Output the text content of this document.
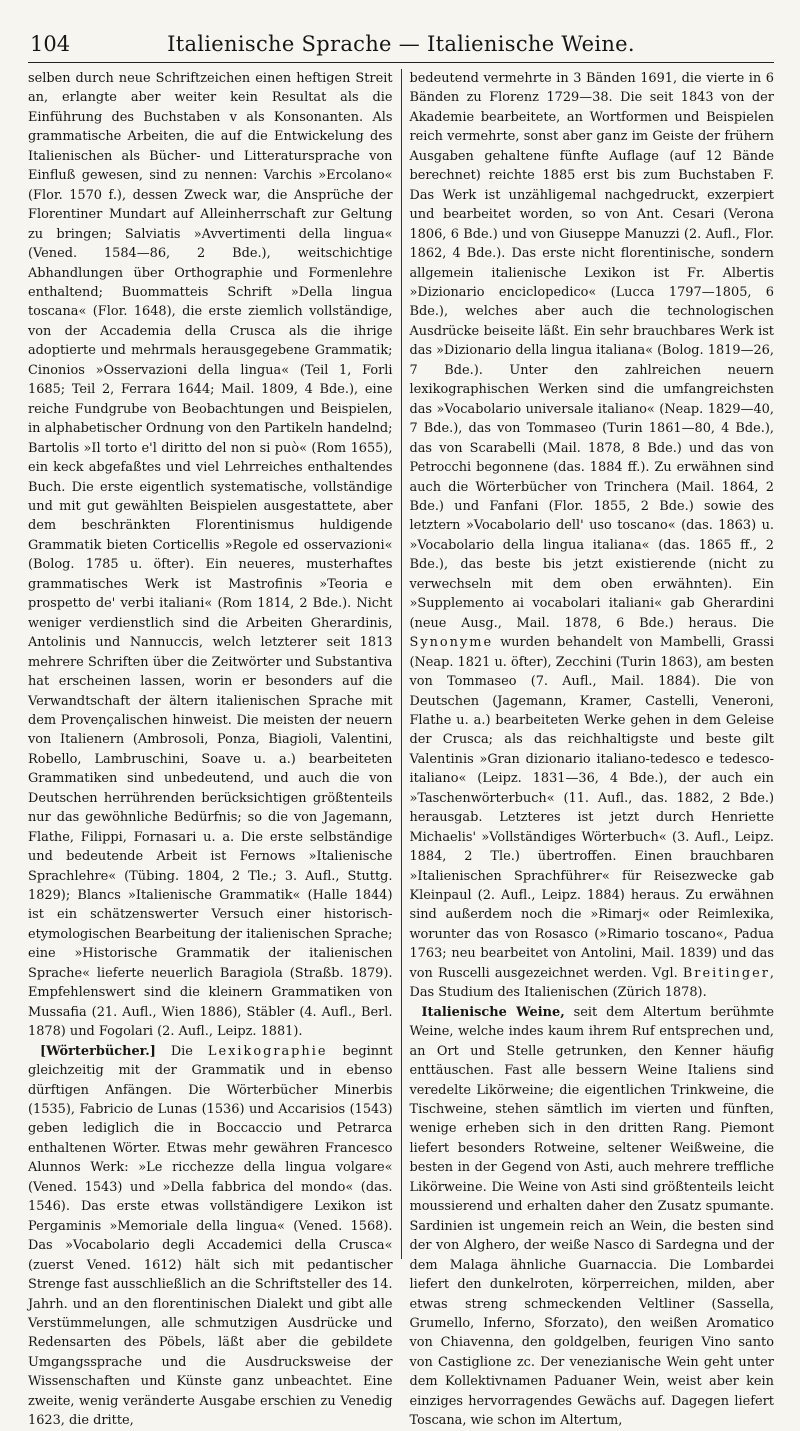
104	Italienische Sprache — Italienische Weine.

selben durch neue Schriftzeichen einen heftigen Streit an, erlangte aber weiter kein Resultat als die Einführung des Buchstaben v als Konsonanten. Als grammatische Arbeiten, die auf die Entwickelung des Italienischen als Bücher- und Litteratursprache von Einfluß gewesen, sind zu nennen: Varchis »Ercolano« (Flor. 1570 f.), dessen Zweck war, die Ansprüche der Florentiner Mundart auf Alleinherrschaft zur Geltung zu bringen; Salviatis »Avvertimenti della lingua« (Vened. 1584—86, 2 Bde.), weitschichtige Abhandlungen über Orthographie und Formenlehre enthaltend; Buommatteis Schrift »Della lingua toscana« (Flor. 1648), die erste ziemlich vollständige, von der Accademia della Crusca als die ihrige adoptierte und mehrmals herausgegebene Grammatik; Cinonios »Osservazioni della lingua« (Teil 1, Forli 1685; Teil 2, Ferrara 1644; Mail. 1809, 4 Bde.), eine reiche Fundgrube von Beobachtungen und Beispielen, in alphabetischer Ordnung von den Partikeln handelnd; Bartolis »Il torto e'l diritto del non si può« (Rom 1655), ein keck abgefaßtes und viel Lehrreiches enthaltendes Buch. Die erste eigentlich systematische, vollständige und mit gut gewählten Beispielen ausgestattete, aber dem beschränkten Florentinismus huldigende Grammatik bieten Corticellis »Regole ed osservazioni« (Bolog. 1785 u. öfter). Ein neueres, musterhaftes grammatisches Werk ist Mastrofinis »Teoria e prospetto de' verbi italiani« (Rom 1814, 2 Bde.). Nicht weniger verdienstlich sind die Arbeiten Gherardinis, Antolinis und Nannuccis, welch letzterer seit 1813 mehrere Schriften über die Zeitwörter und Substantiva hat erscheinen lassen, worin er besonders auf die Verwandtschaft der ältern italienischen Sprache mit dem Provençalischen hinweist. Die meisten der neuern von Italienern (Ambrosoli, Ponza, Biagioli, Valentini, Robello, Lambruschini, Soave u. a.) bearbeiteten Grammatiken sind unbedeutend, und auch die von Deutschen herrührenden berücksichtigen größtenteils nur das gewöhnliche Bedürfnis; so die von Jagemann, Flathe, Filippi, Fornasari u. a. Die erste selbständige und bedeutende Arbeit ist Fernows »Italienische Sprachlehre« (Tübing. 1804, 2 Tle.; 3. Aufl., Stuttg. 1829); Blancs »Italienische Grammatik« (Halle 1844) ist ein schätzenswerter Versuch einer historisch-etymologischen Bearbeitung der italienischen Sprache; eine »Historische Grammatik der italienischen Sprache« lieferte neuerlich Baragiola (Straßb. 1879). Empfehlenswert sind die kleinern Grammatiken von Mussafia (21. Aufl., Wien 1886), Stäbler (4. Aufl., Berl. 1878) und Fogolari (2. Aufl., Leipz. 1881).

[Wörterbücher.] Die Lexikographie beginnt gleichzeitig mit der Grammatik und in ebenso dürftigen Anfängen. Die Wörterbücher Minerbis (1535), Fabricio de Lunas (1536) und Accarisios (1543) geben lediglich die in Boccaccio und Petrarca enthaltenen Wörter. Etwas mehr gewähren Francesco Alunnos Werk: »Le ricchezze della lingua volgare« (Vened. 1543) und »Della fabbrica del mondo« (das. 1546). Das erste etwas vollständigere Lexikon ist Pergaminis »Memoriale della lingua« (Vened. 1568). Das »Vocabolario degli Accademici della Crusca« (zuerst Vened. 1612) hält sich mit pedantischer Strenge fast ausschließlich an die Schriftsteller des 14. Jahrh. und an den florentinischen Dialekt und gibt alle Verstümmelungen, alle schmutzigen Ausdrücke und Redensarten des Pöbels, läßt aber die gebildete Umgangssprache und die Ausdrucksweise der Wissenschaften und Künste ganz unbeachtet. Eine zweite, wenig veränderte Ausgabe erschien zu Venedig 1623, die dritte,

bedeutend vermehrte in 3 Bänden 1691, die vierte in 6 Bänden zu Florenz 1729—38. Die seit 1843 von der Akademie bearbeitete, an Wortformen und Beispielen reich vermehrte, sonst aber ganz im Geiste der frühern Ausgaben gehaltene fünfte Auflage (auf 12 Bände berechnet) reichte 1885 erst bis zum Buchstaben F. Das Werk ist unzähligemal nachgedruckt, exzerpiert und bearbeitet worden, so von Ant. Cesari (Verona 1806, 6 Bde.) und von Giuseppe Manuzzi (2. Aufl., Flor. 1862, 4 Bde.). Das erste nicht florentinische, sondern allgemein italienische Lexikon ist Fr. Albertis »Dizionario enciclopedico« (Lucca 1797—1805, 6 Bde.), welches aber auch die technologischen Ausdrücke beiseite läßt. Ein sehr brauchbares Werk ist das »Dizionario della lingua italiana« (Bolog. 1819—26, 7 Bde.). Unter den zahlreichen neuern lexikographischen Werken sind die umfangreichsten das »Vocabolario universale italiano« (Neap. 1829—40, 7 Bde.), das von Tommaseo (Turin 1861—80, 4 Bde.), das von Scarabelli (Mail. 1878, 8 Bde.) und das von Petrocchi begonnene (das. 1884 ff.). Zu erwähnen sind auch die Wörterbücher von Trinchera (Mail. 1864, 2 Bde.) und Fanfani (Flor. 1855, 2 Bde.) sowie des letztern »Vocabolario dell' uso toscano« (das. 1863) u. »Vocabolario della lingua italiana« (das. 1865 ff., 2 Bde.), das beste bis jetzt existierende (nicht zu verwechseln mit dem oben erwähnten). Ein »Supplemento ai vocabolari italiani« gab Gherardini (neue Ausg., Mail. 1878, 6 Bde.) heraus. Die Synonyme wurden behandelt von Mambelli, Grassi (Neap. 1821 u. öfter), Zecchini (Turin 1863), am besten von Tommaseo (7. Aufl., Mail. 1884). Die von Deutschen (Jagemann, Kramer, Castelli, Veneroni, Flathe u. a.) bearbeiteten Werke gehen in dem Geleise der Crusca; als das reichhaltigste und beste gilt Valentinis »Gran dizionario italiano-tedesco e tedesco-italiano« (Leipz. 1831—36, 4 Bde.), der auch ein »Taschenwörterbuch« (11. Aufl., das. 1882, 2 Bde.) herausgab. Letzteres ist jetzt durch Henriette Michaelis' »Vollständiges Wörterbuch« (3. Aufl., Leipz. 1884, 2 Tle.) übertroffen. Einen brauchbaren »Italienischen Sprachführer« für Reisezwecke gab Kleinpaul (2. Aufl., Leipz. 1884) heraus. Zu erwähnen sind außerdem noch die »Rimarj« oder Reimlexika, worunter das von Rosasco (»Rimario toscano«, Padua 1763; neu bearbeitet von Antolini, Mail. 1839) und das von Ruscelli ausgezeichnet werden. Vgl. Breitinger, Das Studium des Italienischen (Zürich 1878).

Italienische Weine, seit dem Altertum berühmte Weine, welche indes kaum ihrem Ruf entsprechen und, an Ort und Stelle getrunken, den Kenner häufig enttäuschen. Fast alle bessern Weine Italiens sind veredelte Likörweine; die eigentlichen Trinkweine, die Tischweine, stehen sämtlich im vierten und fünften, wenige erheben sich in den dritten Rang. Piemont liefert besonders Rotweine, seltener Weißweine, die besten in der Gegend von Asti, auch mehrere treffliche Likörweine. Die Weine von Asti sind größtenteils leicht moussierend und erhalten daher den Zusatz spumante. Sardinien ist ungemein reich an Wein, die besten sind der von Alghero, der weiße Nasco di Sardegna und der dem Malaga ähnliche Guarnaccia. Die Lombardei liefert den dunkelroten, körperreichen, milden, aber etwas streng schmeckenden Veltliner (Sassella, Grumello, Inferno, Sforzato), den weißen Aromatico von Chiavenna, den goldgelben, feurigen Vino santo von Castiglione zc. Der venezianische Wein geht unter dem Kollektivnamen Paduaner Wein, weist aber kein einziges hervorragendes Gewächs auf. Dagegen liefert Toscana, wie schon im Altertum,
